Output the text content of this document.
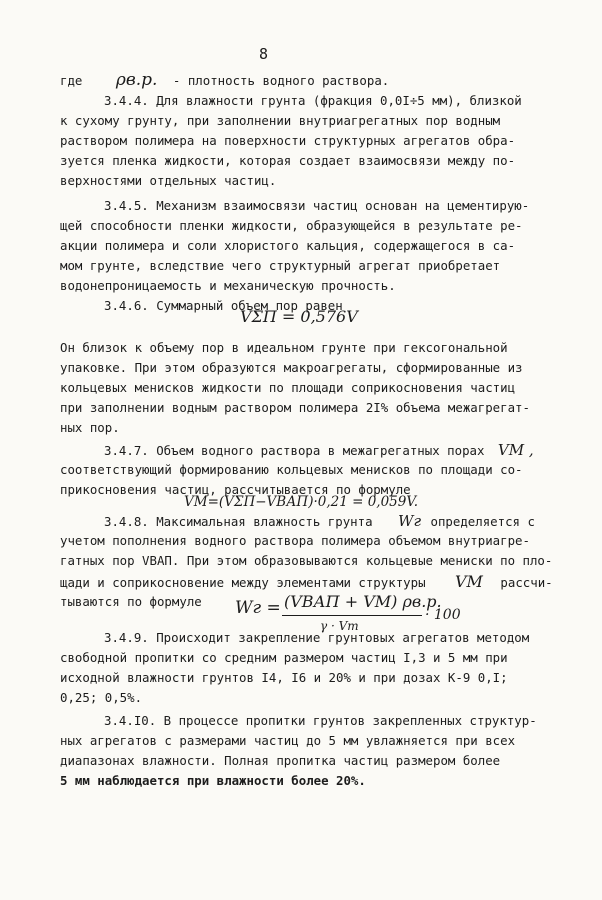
8
где ρв.р. - плотность водного раствора.
3.4.4. Для влажности грунта (фракция 0,0I÷5 мм), близкой
к сухому грунту, при заполнении внутриагрегатных пор водным
раствором полимера на поверхности структурных агрегатов обра-
зуется пленка жидкости, которая создает взаимосвязи между по-
верхностями отдельных частиц.
3.4.5. Механизм взаимосвязи частиц основан на цементирую-
щей способности пленки жидкости, образующейся в результате ре-
акции полимера и соли хлористого кальция, содержащегося в са-
мом грунте, вследствие чего структурный агрегат приобретает
водонепроницаемость и механическую прочность.
3.4.6. Суммарный объем пор равен
VΣП = 0,576V
Он близок к объему пор в идеальном грунте при гексогональной
упаковке. При этом образуются макроагрегаты, сформированные из
кольцевых менисков жидкости по площади соприкосновения частиц
при заполнении водным раствором полимера 2I% объема межагрегат-
ных пор.
3.4.7. Объем водного раствора в межагрегатных порах VМ ,
соответствующий формированию кольцевых менисков по площади со-
прикосновения частиц, рассчитывается по формуле
VМ=(VΣП−VВАП)·0,21 = 0,059V.
3.4.8. Максимальная влажность грунта Wг определяется с
учетом пополнения водного раствора полимера объемом внутриагре-
гатных пор VВАП. При этом образовываются кольцевые мениски по пло-
щади и соприкосновение между элементами структуры VМ рассчи-
тываются по формуле Wг = (VВАП + VМ) ρв.р.
γ · Vт
· 100
3.4.9. Происходит закрепление грунтовых агрегатов методом
свободной пропитки со средним размером частиц I,3 и 5 мм при
исходной влажности грунтов I4, I6 и 20% и при дозах К-9 0,I;
0,25; 0,5%.
3.4.I0. В процессе пропитки грунтов закрепленных структур-
ных агрегатов с размерами частиц до 5 мм увлажняется при всех
диапазонах влажности. Полная пропитка частиц размером более
5 мм наблюдается при влажности более 20%.
